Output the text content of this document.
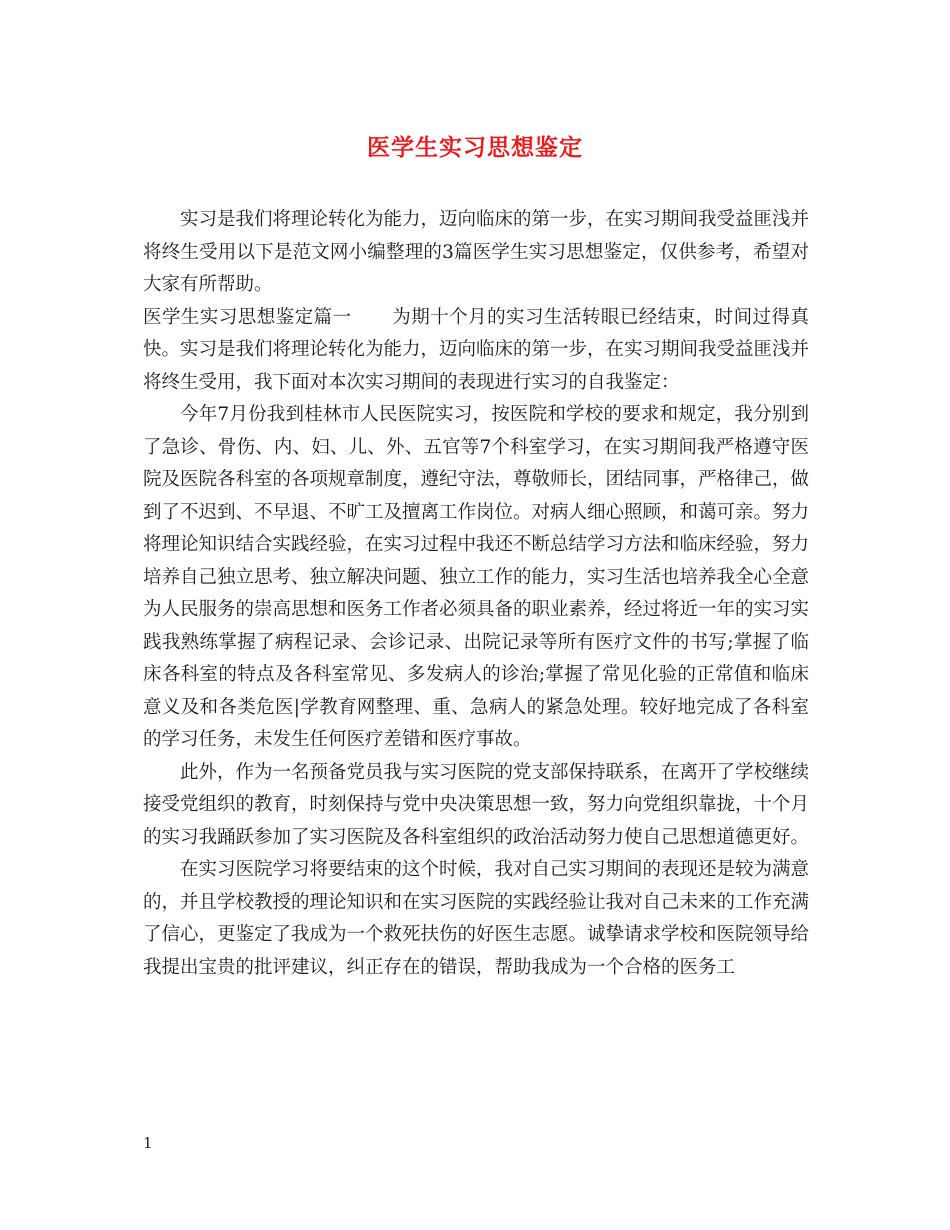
医学生实习思想鉴定

实习是我们将理论转化为能力，迈向临床的第一步，在实习期间我受益匪浅并将终生受用以下是范文网小编整理的3篇医学生实习思想鉴定，仅供参考，希望对大家有所帮助。

医学生实习思想鉴定篇一 为期十个月的实习生活转眼已经结束，时间过得真快。实习是我们将理论转化为能力，迈向临床的第一步，在实习期间我受益匪浅并将终生受用，我下面对本次实习期间的表现进行实习的自我鉴定：

今年7月份我到桂林市人民医院实习，按医院和学校的要求和规定，我分别到了急诊、骨伤、内、妇、儿、外、五官等7个科室学习，在实习期间我严格遵守医院及医院各科室的各项规章制度，遵纪守法，尊敬师长，团结同事，严格律己，做到了不迟到、不早退、不旷工及擅离工作岗位。对病人细心照顾，和蔼可亲。努力将理论知识结合实践经验，在实习过程中我还不断总结学习方法和临床经验，努力培养自己独立思考、独立解决问题、独立工作的能力，实习生活也培养我全心全意为人民服务的崇高思想和医务工作者必须具备的职业素养，经过将近一年的实习实践我熟练掌握了病程记录、会诊记录、出院记录等所有医疗文件的书写;掌握了临床各科室的特点及各科室常见、多发病人的诊治;掌握了常见化验的正常值和临床意义及和各类危医|学教育网整理、重、急病人的紧急处理。较好地完成了各科室的学习任务，未发生任何医疗差错和医疗事故。

此外，作为一名预备党员我与实习医院的党支部保持联系，在离开了学校继续接受党组织的教育，时刻保持与党中央决策思想一致，努力向党组织靠拢，十个月的实习我踊跃参加了实习医院及各科室组织的政治活动努力使自己思想道德更好。

在实习医院学习将要结束的这个时候，我对自己实习期间的表现还是较为满意的，并且学校教授的理论知识和在实习医院的实践经验让我对自己未来的工作充满了信心，更鉴定了我成为一个救死扶伤的好医生志愿。诚挚请求学校和医院领导给我提出宝贵的批评建议，纠正存在的错误，帮助我成为一个合格的医务工

1
